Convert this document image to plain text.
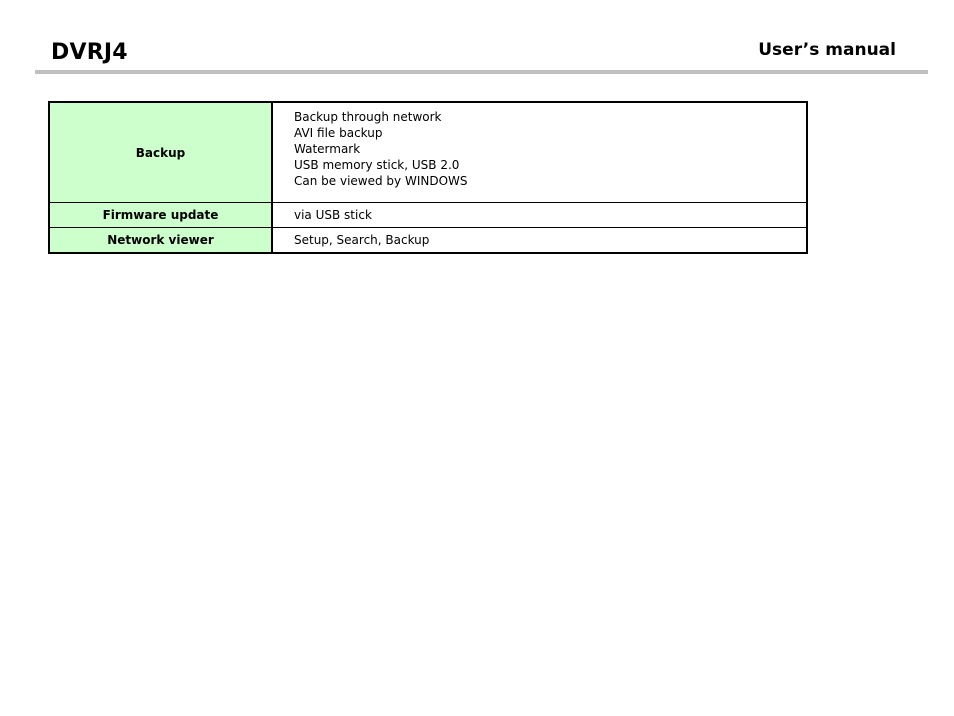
DVRJ4	User’s manual
Backup	Backup through network
AVI file backup
Watermark
USB memory stick, USB 2.0
Can be viewed by WINDOWS

Firmware update	via USB stick
Network viewer	Setup, Search, Backup
